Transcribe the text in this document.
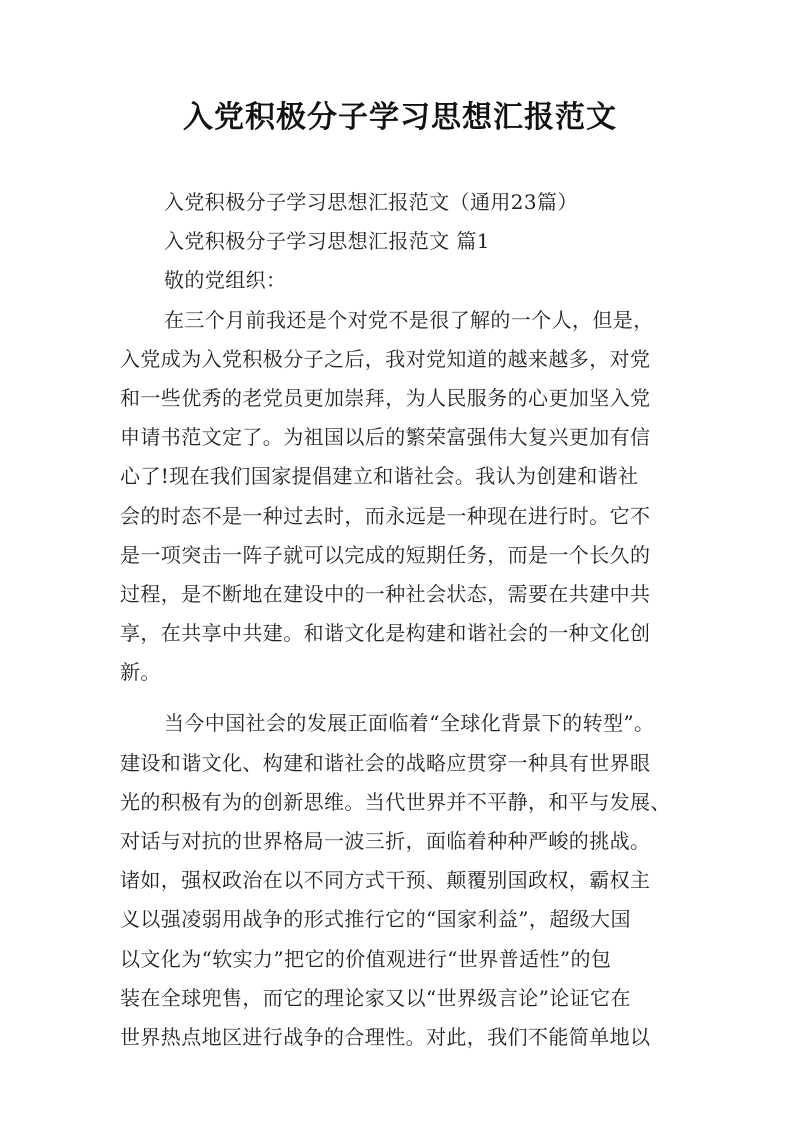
入党积极分子学习思想汇报范文
入党积极分子学习思想汇报范文（通用23篇）
入党积极分子学习思想汇报范文 篇1
敬的党组织：
在三个月前我还是个对党不是很了解的一个人，但是，
入党成为入党积极分子之后，我对党知道的越来越多，对党
和一些优秀的老党员更加崇拜，为人民服务的心更加坚入党
申请书范文定了。为祖国以后的繁荣富强伟大复兴更加有信
心了!现在我们国家提倡建立和谐社会。我认为创建和谐社
会的时态不是一种过去时，而永远是一种现在进行时。它不
是一项突击一阵子就可以完成的短期任务，而是一个长久的
过程，是不断地在建设中的一种社会状态，需要在共建中共
享，在共享中共建。和谐文化是构建和谐社会的一种文化创
新。
当今中国社会的发展正面临着“全球化背景下的转型”。
建设和谐文化、构建和谐社会的战略应贯穿一种具有世界眼
光的积极有为的创新思维。当代世界并不平静，和平与发展、
对话与对抗的世界格局一波三折，面临着种种严峻的挑战。
诸如，强权政治在以不同方式干预、颠覆别国政权，霸权主
义以强凌弱用战争的形式推行它的“国家利益”，超级大国
以文化为“软实力”把它的价值观进行“世界普适性”的包
装在全球兜售，而它的理论家又以“世界级言论”论证它在
世界热点地区进行战争的合理性。对此，我们不能简单地以
